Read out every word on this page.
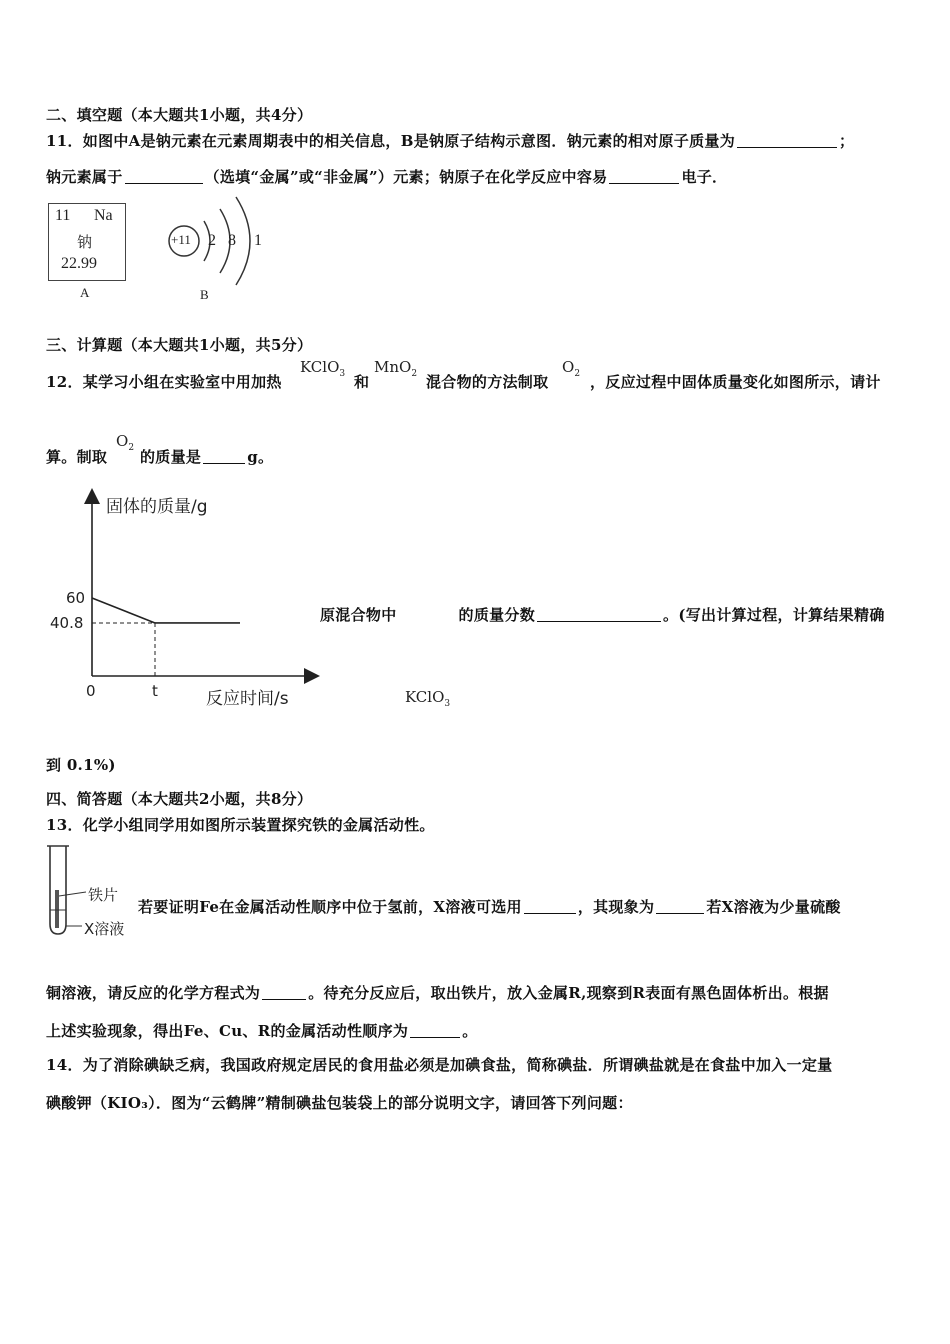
二、填空题（本大题共1小题，共4分）
11．如图中A是钠元素在元素周期表中的相关信息，B是钠原子结构示意图．钠元素的相对原子质量为	；
钠元素属于	（选填“金属”或“非金属”）元素；钠原子在化学反应中容易	电子．
11 Na
钠
22.99
A
+11 2 8 1
B
三、计算题（本大题共1小题，共5分）
12．某学习小组在实验室中用加热
KClO$_3$ 和
MnO$_2$ 混合物的方法制取
$O_2$ ，反应过程中固体质量变化如图所示，请计
算。制取
$O_2$ 的质量是	g。
固体的质量/g
反应时间/s
0	t
60
40.8	原混合物中	的质量分数	。(写出计算过程，计算结果精确
KClO$_3$
到 0.1%)
四、简答题（本大题共2小题，共8分）
13．化学小组同学用如图所示装置探究铁的金属活动性。
铁片
X溶液
若要证明Fe在金属活动性顺序中位于氢前，X溶液可选用	，其现象为	若X溶液为少量硫酸
铜溶液，请反应的化学方程式为	。待充分反应后，取出铁片，放入金属R,现察到R表面有黑色固体析出。根据
上述实验现象，得出Fe、Cu、R的金属活动性顺序为	。
14．为了消除碘缺乏病，我国政府规定居民的食用盐必须是加碘食盐，简称碘盐．所谓碘盐就是在食盐中加入一定量
碘酸钾（KIO₃）．图为“云鹤牌”精制碘盐包装袋上的部分说明文字，请回答下列问题：
